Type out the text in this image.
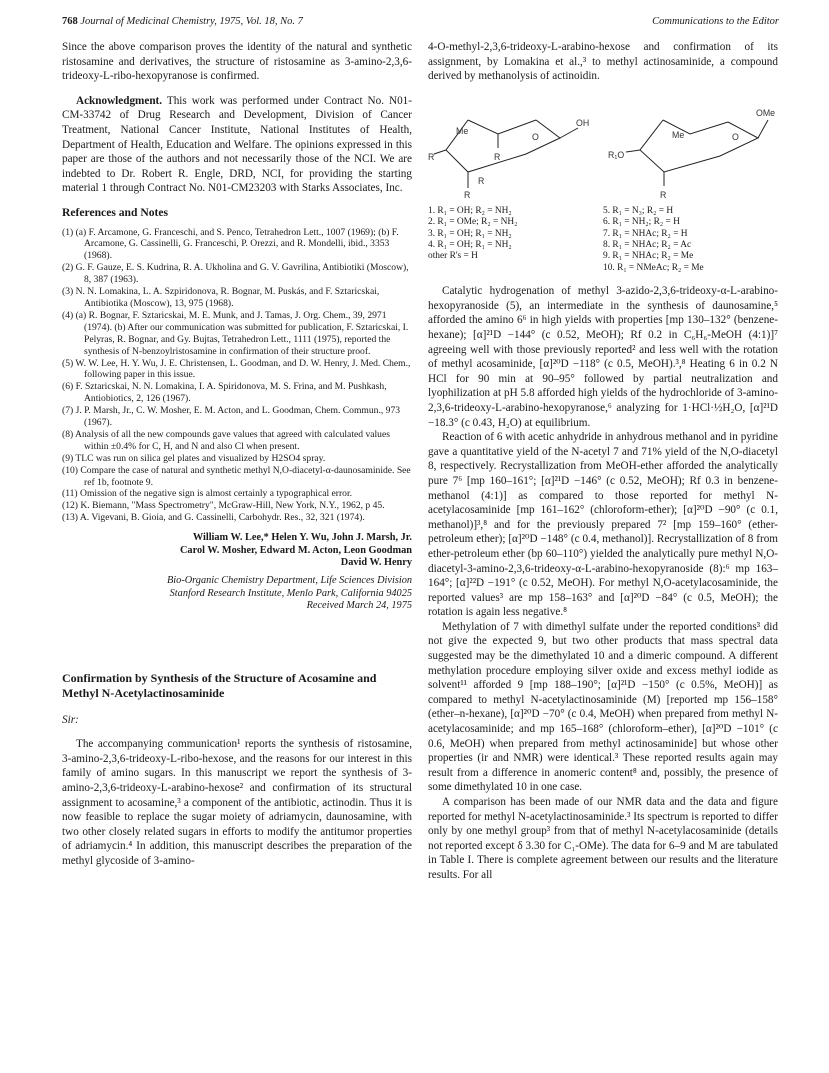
768 Journal of Medicinal Chemistry, 1975, Vol. 18, No. 7	Communications to the Editor

Since the above comparison proves the identity of the natural and synthetic ristosamine and derivatives, the structure of ristosamine as 3-amino-2,3,6-trideoxy-L-ribo-hexopyranose is confirmed.

Acknowledgment. This work was performed under Contract No. N01-CM-33742 of Drug Research and Development, Division of Cancer Treatment, National Cancer Institute, National Institutes of Health, Department of Health, Education and Welfare. The opinions expressed in this paper are those of the authors and not necessarily those of the NCI. We are indebted to Dr. Robert R. Engle, DRD, NCI, for providing the starting material 1 through Contract No. N01-CM23203 with Starks Associates, Inc.

References and Notes

(1) (a) F. Arcamone, G. Franceschi, and S. Penco, Tetrahedron Lett., 1007 (1969); (b) F. Arcamone, G. Cassinelli, G. Franceschi, P. Orezzi, and R. Mondelli, ibid., 3353 (1968).

(2) G. F. Gauze, E. S. Kudrina, R. A. Ukholina and G. V. Gavrilina, Antibiotiki (Moscow), 8, 387 (1963).

(3) N. N. Lomakina, L. A. Szpiridonova, R. Bognar, M. Puskás, and F. Sztaricskai, Antibiotika (Moscow), 13, 975 (1968).

(4) (a) R. Bognar, F. Sztaricskai, M. E. Munk, and J. Tamas, J. Org. Chem., 39, 2971 (1974). (b) After our communication was submitted for publication, F. Sztaricskai, I. Pelyras, R. Bognar, and Gy. Bujtas, Tetrahedron Lett., 1111 (1975), reported the synthesis of N-benzoylristosamine in confirmation of their structure proof.

(5) W. W. Lee, H. Y. Wu, J. E. Christensen, L. Goodman, and D. W. Henry, J. Med. Chem., following paper in this issue.

(6) F. Sztaricskai, N. N. Lomakina, I. A. Spiridonova, M. S. Frina, and M. Pushkash, Antiobiotics, 2, 126 (1967).

(7) J. P. Marsh, Jr., C. W. Mosher, E. M. Acton, and L. Goodman, Chem. Commun., 973 (1967).

(8) Analysis of all the new compounds gave values that agreed with calculated values within ±0.4% for C, H, and N and also Cl when present.

(9) TLC was run on silica gel plates and visualized by H2SO4 spray.

(10) Compare the case of natural and synthetic methyl N,O-diacetyl-α-daunosaminide. See ref 1b, footnote 9.

(11) Omission of the negative sign is almost certainly a typographical error.

(12) K. Biemann, "Mass Spectrometry", McGraw-Hill, New York, N.Y., 1962, p 45.

(13) A. Vigevani, B. Gioia, and G. Cassinelli, Carbohydr. Res., 32, 321 (1974).

William W. Lee,* Helen Y. Wu, John J. Marsh, Jr.
Carol W. Mosher, Edward M. Acton, Leon Goodman
David W. Henry
Bio-Organic Chemistry Department, Life Sciences Division
Stanford Research Institute, Menlo Park, California 94025
Received March 24, 1975
Confirmation by Synthesis of the Structure of Acosamine and Methyl N-Acetylactinosaminide

Sir:

The accompanying communication¹ reports the synthesis of ristosamine, 3-amino-2,3,6-trideoxy-L-ribo-hexose, and the reasons for our interest in this family of amino sugars. In this manuscript we report the synthesis of 3-amino-2,3,6-trideoxy-L-arabino-hexose² and confirmation of its structural assignment to acosamine,³ a component of the antibiotic, actinodin. Thus it is now feasible to replace the sugar moiety of adriamycin, daunosamine, with two other closely related sugars in efforts to modify the antitumor properties of adriamycin.⁴ In addition, this manuscript describes the preparation of the methyl glycoside of 3-amino-

4-O-methyl-2,3,6-trideoxy-L-arabino-hexose and confirmation of its assignment, by Lomakina et al.,³ to methyl actinosaminide, a compound derived by methanolysis of actinoidin.

Me
O
OH
R
R
R
R
OMe
Me	O
R₁O
R
1. R₁ = OH; R₂ = NH₂
2. R₁ = OMe; R₂ = NH₂
3. R₁ = OH; R₁ = NH₂
4. R₁ = OH; R₁ = NH₂
other R's = H
5. R₁ = N₃; R₂ = H
6. R₁ = NH₂; R₂ = H
7. R₁ = NHAc; R₂ = H
8. R₁ = NHAc; R₂ = Ac
9. R₁ = NHAc; R₂ = Me
10. R₁ = NMeAc; R₂ = Me

Catalytic hydrogenation of methyl 3-azido-2,3,6-trideoxy-α-L-arabino-hexopyranoside (5), an intermediate in the synthesis of daunosamine,⁵ afforded the amino 6⁶ in high yields with properties [mp 130–132° (benzene-hexane); [α]²¹D −144° (c 0.52, MeOH); Rf 0.2 in C₆H₆-MeOH (4:1)]⁷ agreeing well with those previously reported² and less well with the rotation of methyl acosaminide, [α]²⁰D −118° (c 0.5, MeOH).³,⁸ Heating 6 in 0.2 N HCl for 90 min at 90–95° followed by partial neutralization and lyophilization at pH 5.8 afforded high yields of the hydrochloride of 3-amino-2,3,6-trideoxy-L-arabino-hexopyranose,⁶ analyzing for 1·HCl·½H₂O, [α]²¹D −18.3° (c 0.43, H₂O) at equilibrium.

Reaction of 6 with acetic anhydride in anhydrous methanol and in pyridine gave a quantitative yield of the N-acetyl 7 and 71% yield of the N,O-diacetyl 8, respectively. Recrystallization from MeOH-ether afforded the analytically pure 7⁶ [mp 160–161°; [α]²¹D −146° (c 0.52, MeOH); Rf 0.3 in benzene-methanol (4:1)] as compared to those reported for methyl N-acetylacosaminide [mp 161–162° (chloroform-ether); [α]²⁰D −90° (c 0.1, methanol)]³,⁸ and for the previously prepared 7² [mp 159–160° (ether-petroleum ether); [α]²⁰D −148° (c 0.4, methanol)]. Recrystallization of 8 from ether-petroleum ether (bp 60–110°) yielded the analytically pure methyl N,O-diacetyl-3-amino-2,3,6-trideoxy-α-L-arabino-hexopyranoside (8):⁶ mp 163–164°; [α]²²D −191° (c 0.52, MeOH). For methyl N,O-acetylacosaminide, the reported values³ are mp 158–163° and [α]²⁰D −84° (c 0.5, MeOH); the rotation is again less negative.⁸

Methylation of 7 with dimethyl sulfate under the reported conditions³ did not give the expected 9, but two other products that mass spectral data suggested may be the dimethylated 10 and a dimeric compound. A different methylation procedure employing silver oxide and excess methyl iodide as solvent¹¹ afforded 9 [mp 188–190°; [α]²¹D −150° (c 0.5%, MeOH)] as compared to methyl N-acetylactinosaminide (M) [reported mp 156–158° (ether–n-hexane), [α]²⁰D −70° (c 0.4, MeOH) when prepared from methyl N-acetylacosaminide; and mp 165–168° (chloroform–ether), [α]²⁰D −101° (c 0.6, MeOH) when prepared from methyl actinosaminide] but whose other properties (ir and NMR) were identical.³ These reported results again may result from a difference in anomeric content⁸ and, possibly, the presence of some dimethylated 10 in one case.

A comparison has been made of our NMR data and the data and figure reported for methyl N-acetylactinosaminide.³ Its spectrum is reported to differ only by one methyl group³ from that of methyl N-acetylacosaminide (details not reported except δ 3.30 for C₁-OMe). The data for 6–9 and M are tabulated in Table I. There is complete agreement between our results and the literature results. For all
